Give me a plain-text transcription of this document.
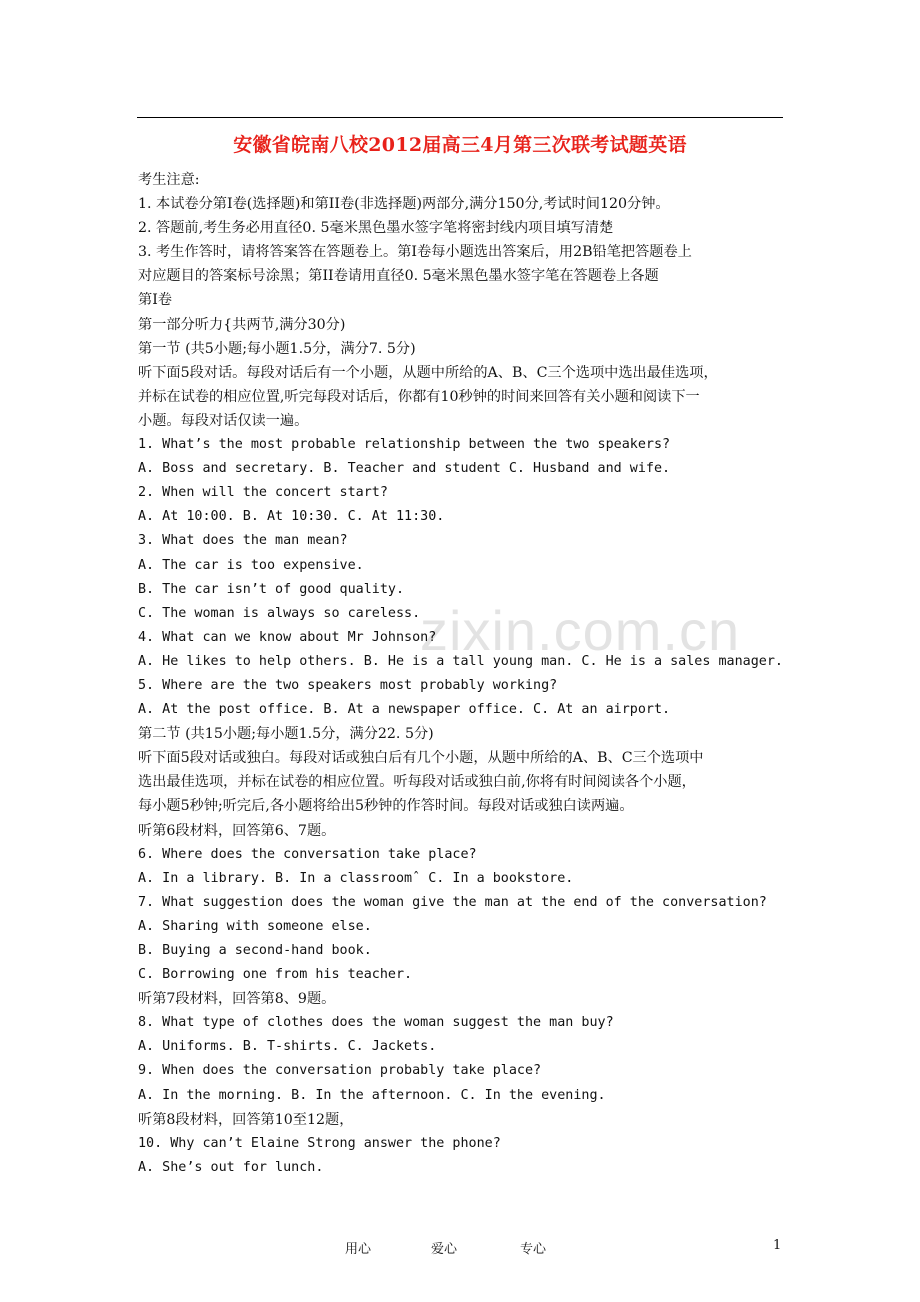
zixin.com.cn
安徽省皖南八校2012届高三4月第三次联考试题英语
考生注意:
1. 本试卷分第Ⅰ卷(选择题)和第II卷(非选择题)两部分,满分150分,考试时间120分钟。
2. 答题前,考生务必用直径0. 5毫米黑色墨水签字笔将密封线内项目填写清楚
3. 考生作答时，请将答案答在答题卷上。第Ⅰ卷每小题选出答案后，用2B铅笔把答题卷上
对应题目的答案标号涂黑；第II卷请用直径0. 5毫米黑色墨水签字笔在答题卷上各题
第Ⅰ卷
第一部分听力{共两节,满分30分)
第一节 (共5小题;每小题1.5分，满分7. 5分)
听下面5段对话。每段对话后有一个小题，从题中所给的A、B、C三个选项中选出最佳选项，
并标在试卷的相应位置,听完每段对话后，你都有10秒钟的时间来回答有关小题和阅读下一
小题。每段对话仅读一遍。
1. What’s the most probable relationship between the two speakers?
A. Boss and secretary. B. Teacher and student C. Husband and wife.
2. When will the concert start?
A. At 10:00. B. At 10:30. C. At 11:30.
3. What does the man mean?
A. The car is too expensive.
B. The car isn’t of good quality.
C. The woman is always so careless.
4. What can we know about Mr Johnson?
A. He likes to help others. B. He is a tall young man. C. He is a sales manager.
5. Where are the two speakers most probably working?
A. At the post office. B. At a newspaper office. C. At an airport.
第二节 (共15小题;每小题1.5分，满分22. 5分)
听下面5段对话或独白。每段对话或独白后有几个小题，从题中所给的A、B、C三个选项中
选出最佳选项，并标在试卷的相应位置。听每段对话或独白前,你将有时间阅读各个小题，
每小题5秒钟;听完后,各小题将给出5秒钟的作答时间。每段对话或独白读两遍。
听第6段材料，回答第6、7题。
6. Where does the conversation take place?
A. In a library. B. In a classroomˆ C. In a bookstore.
7. What suggestion does the woman give the man at the end of the conversation?
A. Sharing with someone else.
B. Buying a second-hand book.
C. Borrowing one from his teacher.
听第7段材料，回答第8、9题。
8. What type of clothes does the woman suggest the man buy?
A. Uniforms. B. T-shirts. C. Jackets.
9. When does the conversation probably take place?
A. In the morning. B. In the afternoon. C. In the evening.
听第8段材料，回答第10至12题，
10. Why can’t Elaine Strong answer the phone?
A. She’s out for lunch.
用心	爱心	专心	1
